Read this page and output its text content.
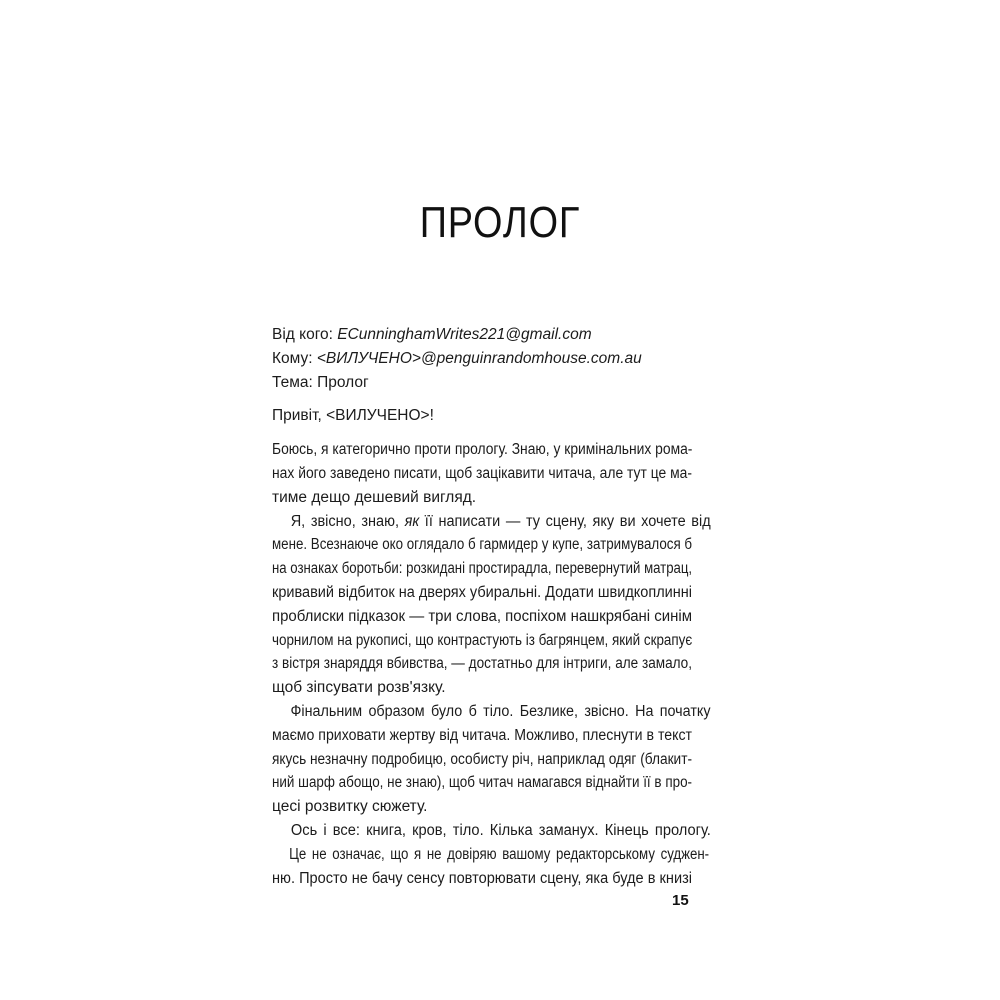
ПРОЛОГ

Від кого: ECunninghamWrites221@gmail.com

Кому: <ВИЛУЧЕНО>@penguinrandomhouse.com.au

Тема: Пролог

Привіт, <ВИЛУЧЕНО>!

Боюсь, я категорично проти прологу. Знаю, у кримінальних рома-
нах його заведено писати, щоб зацікавити читача, але тут це ма-
тиме дещо дешевий вигляд.

Я, звісно, знаю, як її написати — ту сцену, яку ви хочете від
мене. Всезнаюче око оглядало б гармидер у купе, затримувалося б
на ознаках боротьби: розкидані простирадла, перевернутий матрац,
кривавий відбиток на дверях убиральні. Додати швидкоплинні
проблиски підказок — три слова, поспіхом нашкрябані синім
чорнилом на рукописі, що контрастують із багрянцем, який скрапує
з вістря знаряддя вбивства, — достатньо для інтриги, але замало,
щоб зіпсувати розв'язку.

Фінальним образом було б тіло. Безлике, звісно. На початку
маємо приховати жертву від читача. Можливо, плеснути в текст
якусь незначну подробицю, особисту річ, наприклад одяг (блакит-
ний шарф абощо, не знаю), щоб читач намагався віднайти її в про-
цесі розвитку сюжету.

Ось і все: книга, кров, тіло. Кілька заманух. Кінець прологу.

Це не означає, що я не довіряю вашому редакторському суджен-
ню. Просто не бачу сенсу повторювати сцену, яка буде в книзі

15
